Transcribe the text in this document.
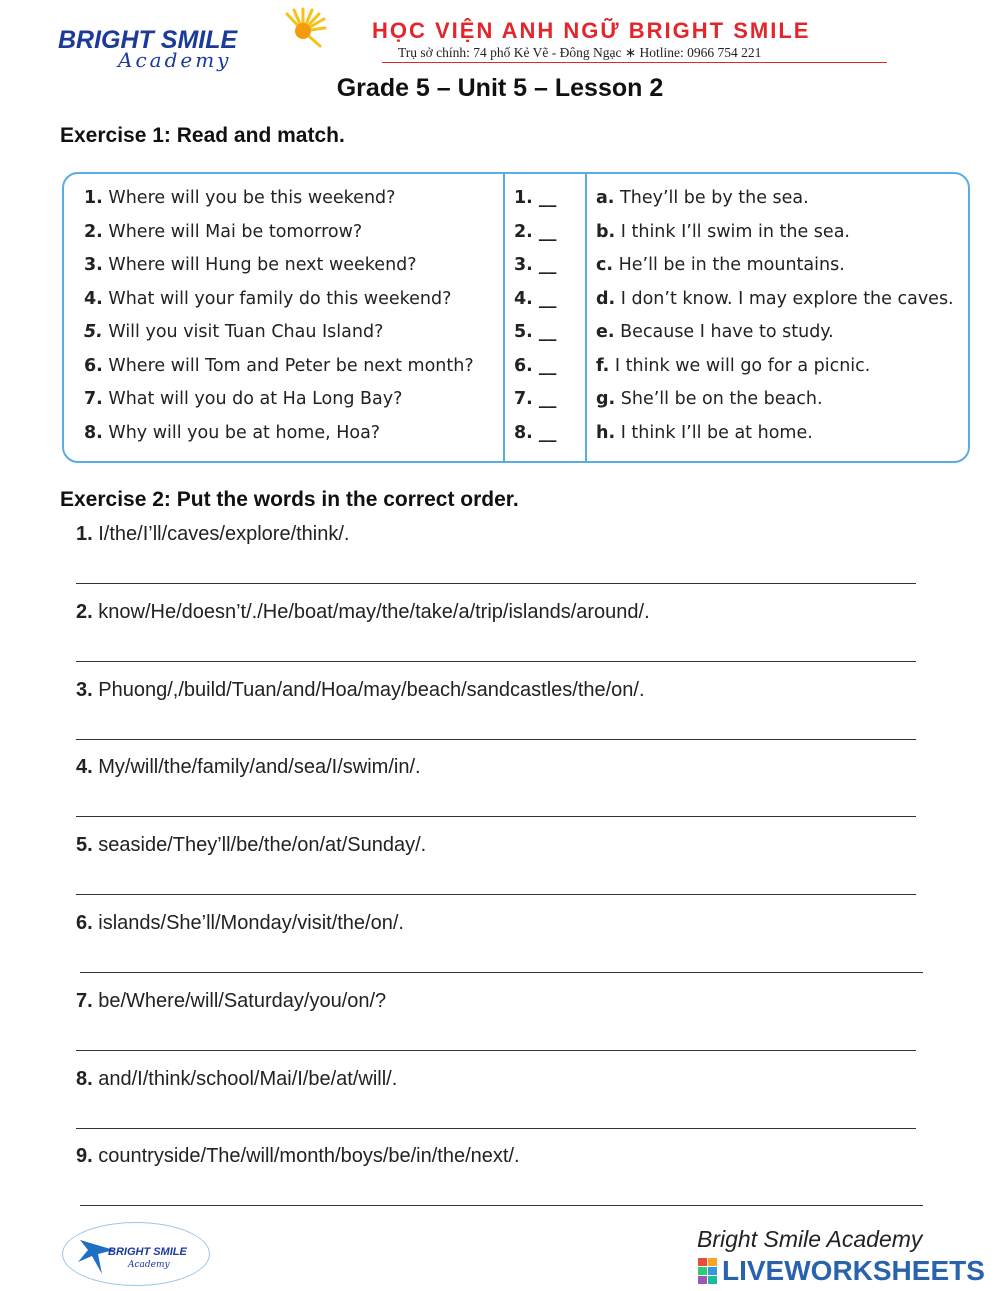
BRIGHT SMILE
Academy
HỌC VIỆN ANH NGỮ BRIGHT SMILE
Trụ sở chính: 74 phố Kẻ Vẽ - Đông Ngạc ∗ Hotline: 0966 754 221
Grade 5 – Unit 5 – Lesson 2
Exercise 1: Read and match.
1. Where will you be this weekend?	1. __ a. They’ll be by the sea.
2. Where will Mai be tomorrow?	2. __ b. I think I’ll swim in the sea.
3. Where will Hung be next weekend?	3. __ c. He’ll be in the mountains.
4. What will your family do this weekend?	4. __ d. I don’t know. I may explore the caves.
5. Will you visit Tuan Chau Island?	5. __ e. Because I have to study.
6. Where will Tom and Peter be next month? 6. __ f. I think we will go for a picnic.
7. What will you do at Ha Long Bay?	7. __ g. She’ll be on the beach.
8. Why will you be at home, Hoa?	8. __ h. I think I’ll be at home.
Exercise 2: Put the words in the correct order.
1. I/the/I’ll/caves/explore/think/.
2. know/He/doesn’t/./He/boat/may/the/take/a/trip/islands/around/.
3. Phuong/,/build/Tuan/and/Hoa/may/beach/sandcastles/the/on/.
4. My/will/the/family/and/sea/I/swim/in/.
5. seaside/They’ll/be/the/on/at/Sunday/.
6. islands/She’ll/Monday/visit/the/on/.
7. be/Where/will/Saturday/you/on/?
8. and/I/think/school/Mai/I/be/at/will/.
9. countryside/The/will/month/boys/be/in/the/next/.
BRIGHT SMILE
Academy
Bright Smile Academy
LIVEWORKSHEETS
